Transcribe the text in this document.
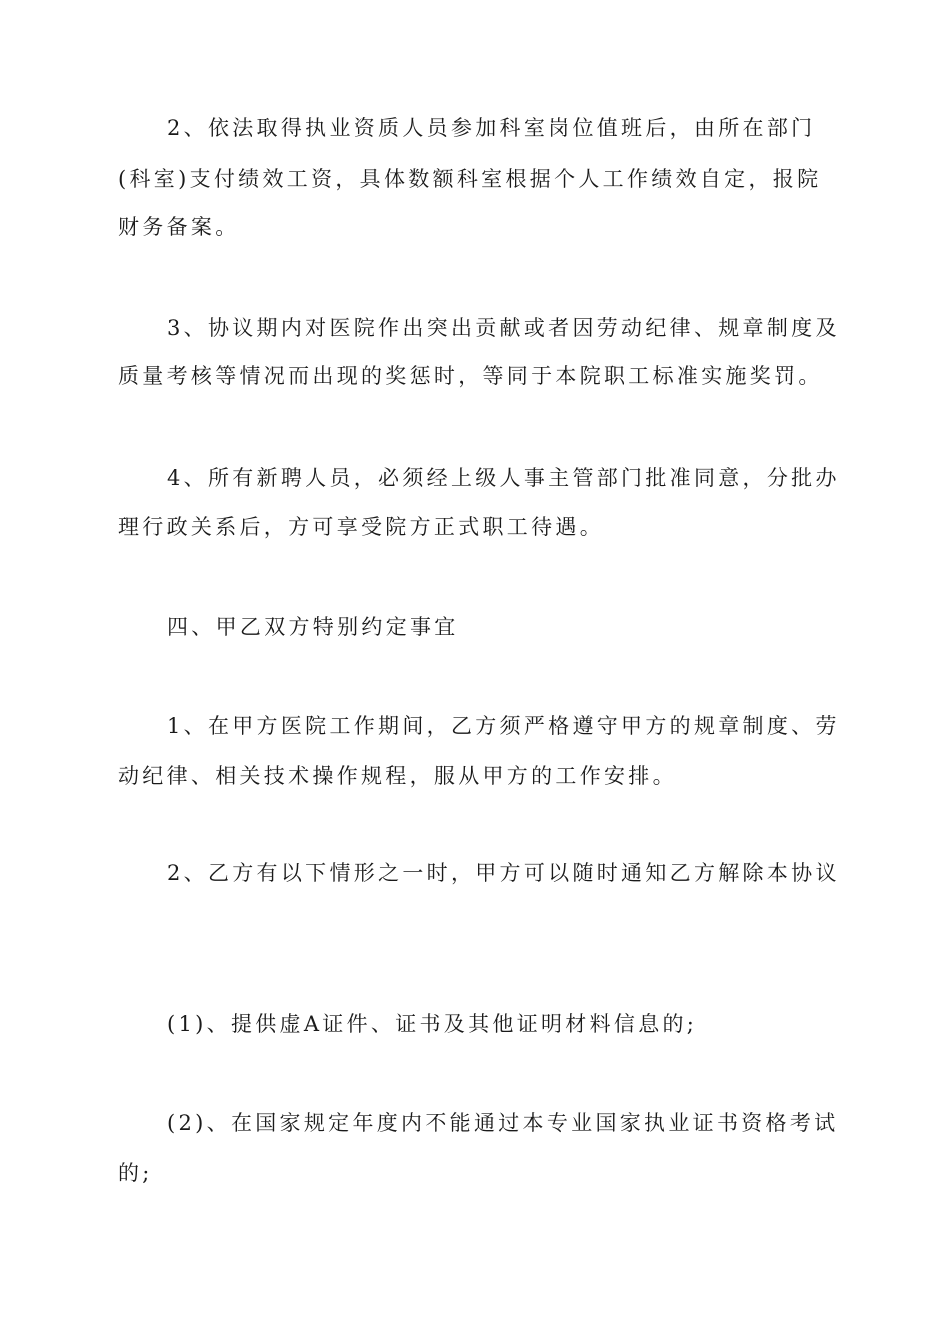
2、依法取得执业资质人员参加科室岗位值班后，由所在部门
(科室)支付绩效工资，具体数额科室根据个人工作绩效自定，报院
财务备案。
3、协议期内对医院作出突出贡献或者因劳动纪律、规章制度及
质量考核等情况而出现的奖惩时，等同于本院职工标准实施奖罚。
4、所有新聘人员，必须经上级人事主管部门批准同意，分批办
理行政关系后，方可享受院方正式职工待遇。
四、甲乙双方特别约定事宜
1、在甲方医院工作期间，乙方须严格遵守甲方的规章制度、劳
动纪律、相关技术操作规程，服从甲方的工作安排。
2、乙方有以下情形之一时，甲方可以随时通知乙方解除本协议
(1)、提供虚A证件、证书及其他证明材料信息的;
(2)、在国家规定年度内不能通过本专业国家执业证书资格考试
的;
